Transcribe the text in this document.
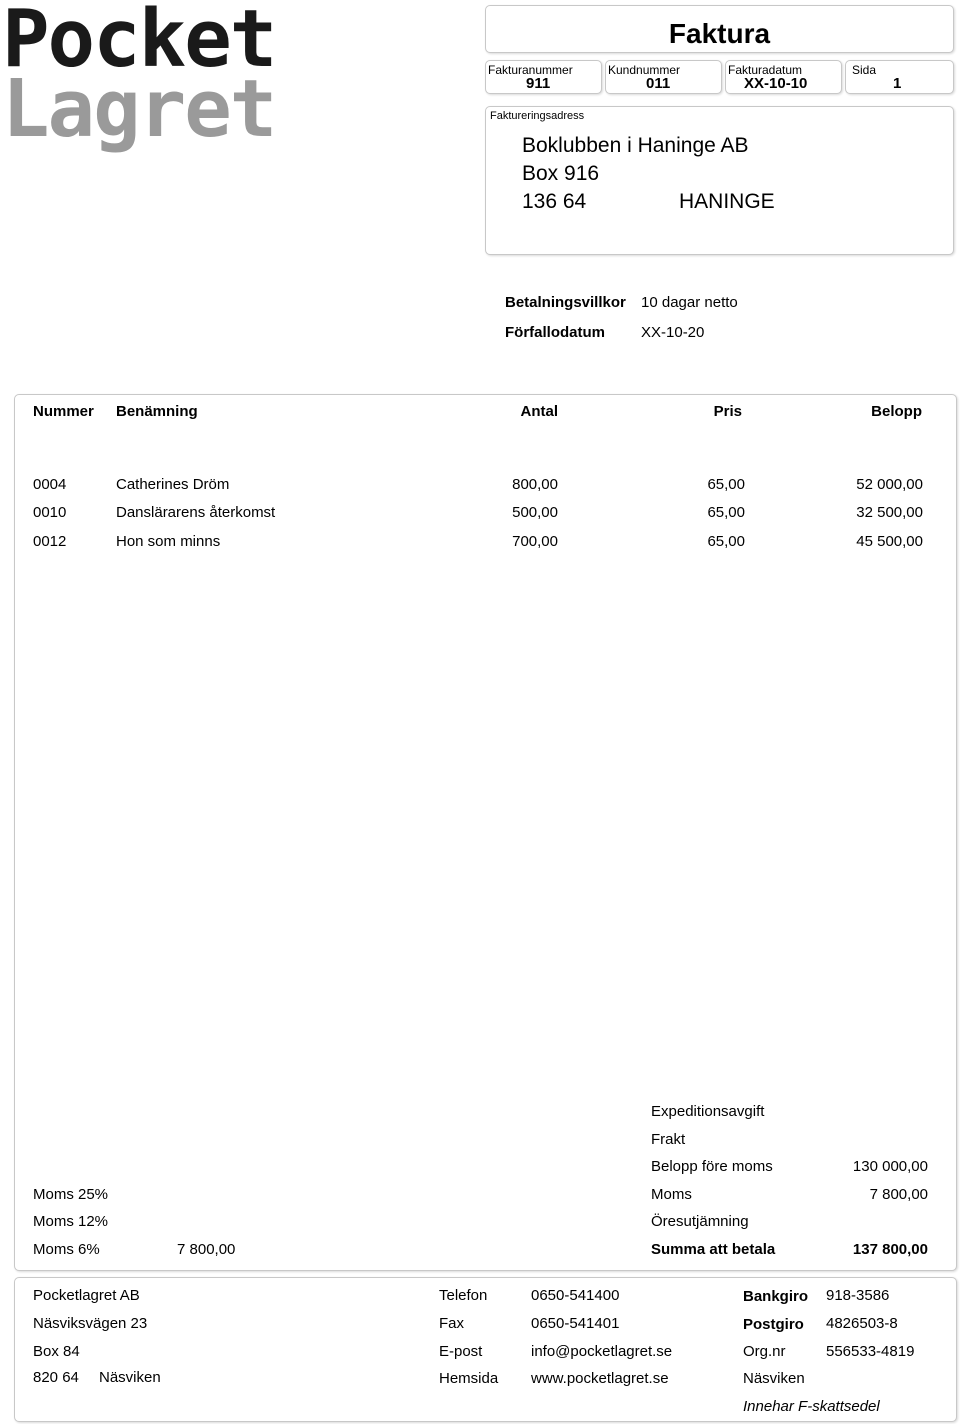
Pocket
Lagret
Faktura
Fakturanummer
911
Kundnummer
011
Fakturadatum
XX-10-10
Sida
1
Faktureringsadress
Boklubben i Haninge AB
Box 916
136 64	HANINGE
Betalningsvillkor 10 dagar netto
Förfallodatum XX-10-20
Nummer Benämning	Antal	Pris	Belopp
0004	Catherines Dröm	800,00	65,00	52 000,00
0010	Danslärarens återkomst	500,00	65,00	32 500,00
0012	Hon som minns	700,00	65,00	45 500,00
Moms 25%
Moms 12%
Moms 6%	7 800,00
Expeditionsavgift
Frakt
Belopp före moms	130 000,00
Moms	7 800,00
Öresutjämning
Summa att betala	137 800,00
Pocketlagret AB
Näsviksvägen 23
Box 84
820 64 Näsviken
Telefon	0650-541400
Fax	0650-541401
E-post	info@pocketlagret.se
Hemsida www.pocketlagret.se
Bankgiro 918-3586
Postgiro 4826503-8
Org.nr	556533-4819
Näsviken
Innehar F-skattsedel
